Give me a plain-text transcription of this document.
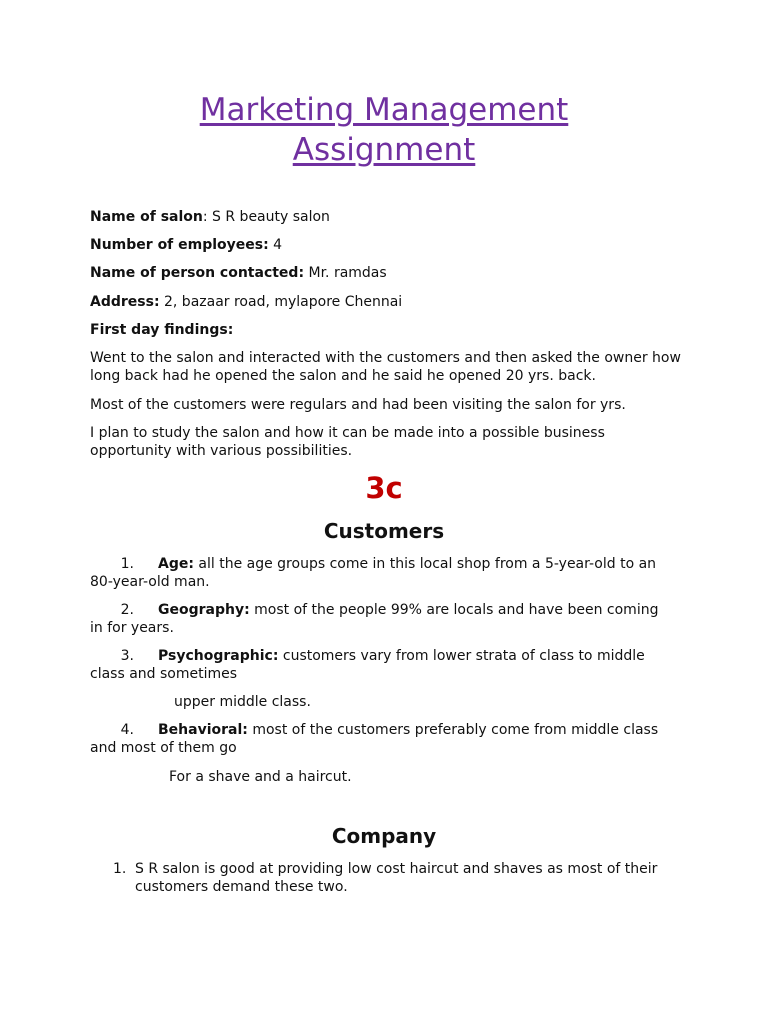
Marketing Management
Assignment
Name of salon: S R beauty salon
Number of employees: 4
Name of person contacted: Mr. ramdas
Address: 2, bazaar road, mylapore Chennai
First day findings:

Went to the salon and interacted with the customers and then asked the owner how
long back had he opened the salon and he said he opened 20 yrs. back.

Most of the customers were regulars and had been visiting the salon for yrs.

I plan to study the salon and how it can be made into a possible business
opportunity with various possibilities.

3c
Customers
1. Age: all the age groups come in this local shop from a 5-year-old to an
80-year-old man.
2. Geography: most of the people 99% are locals and have been coming
in for years.
3. Psychographic: customers vary from lower strata of class to middle
class and sometimes
upper middle class.
4. Behavioral: most of the customers preferably come from middle class
and most of them go
For a shave and a haircut.
Company
1. S R salon is good at providing low cost haircut and shaves as most of their
customers demand these two.
